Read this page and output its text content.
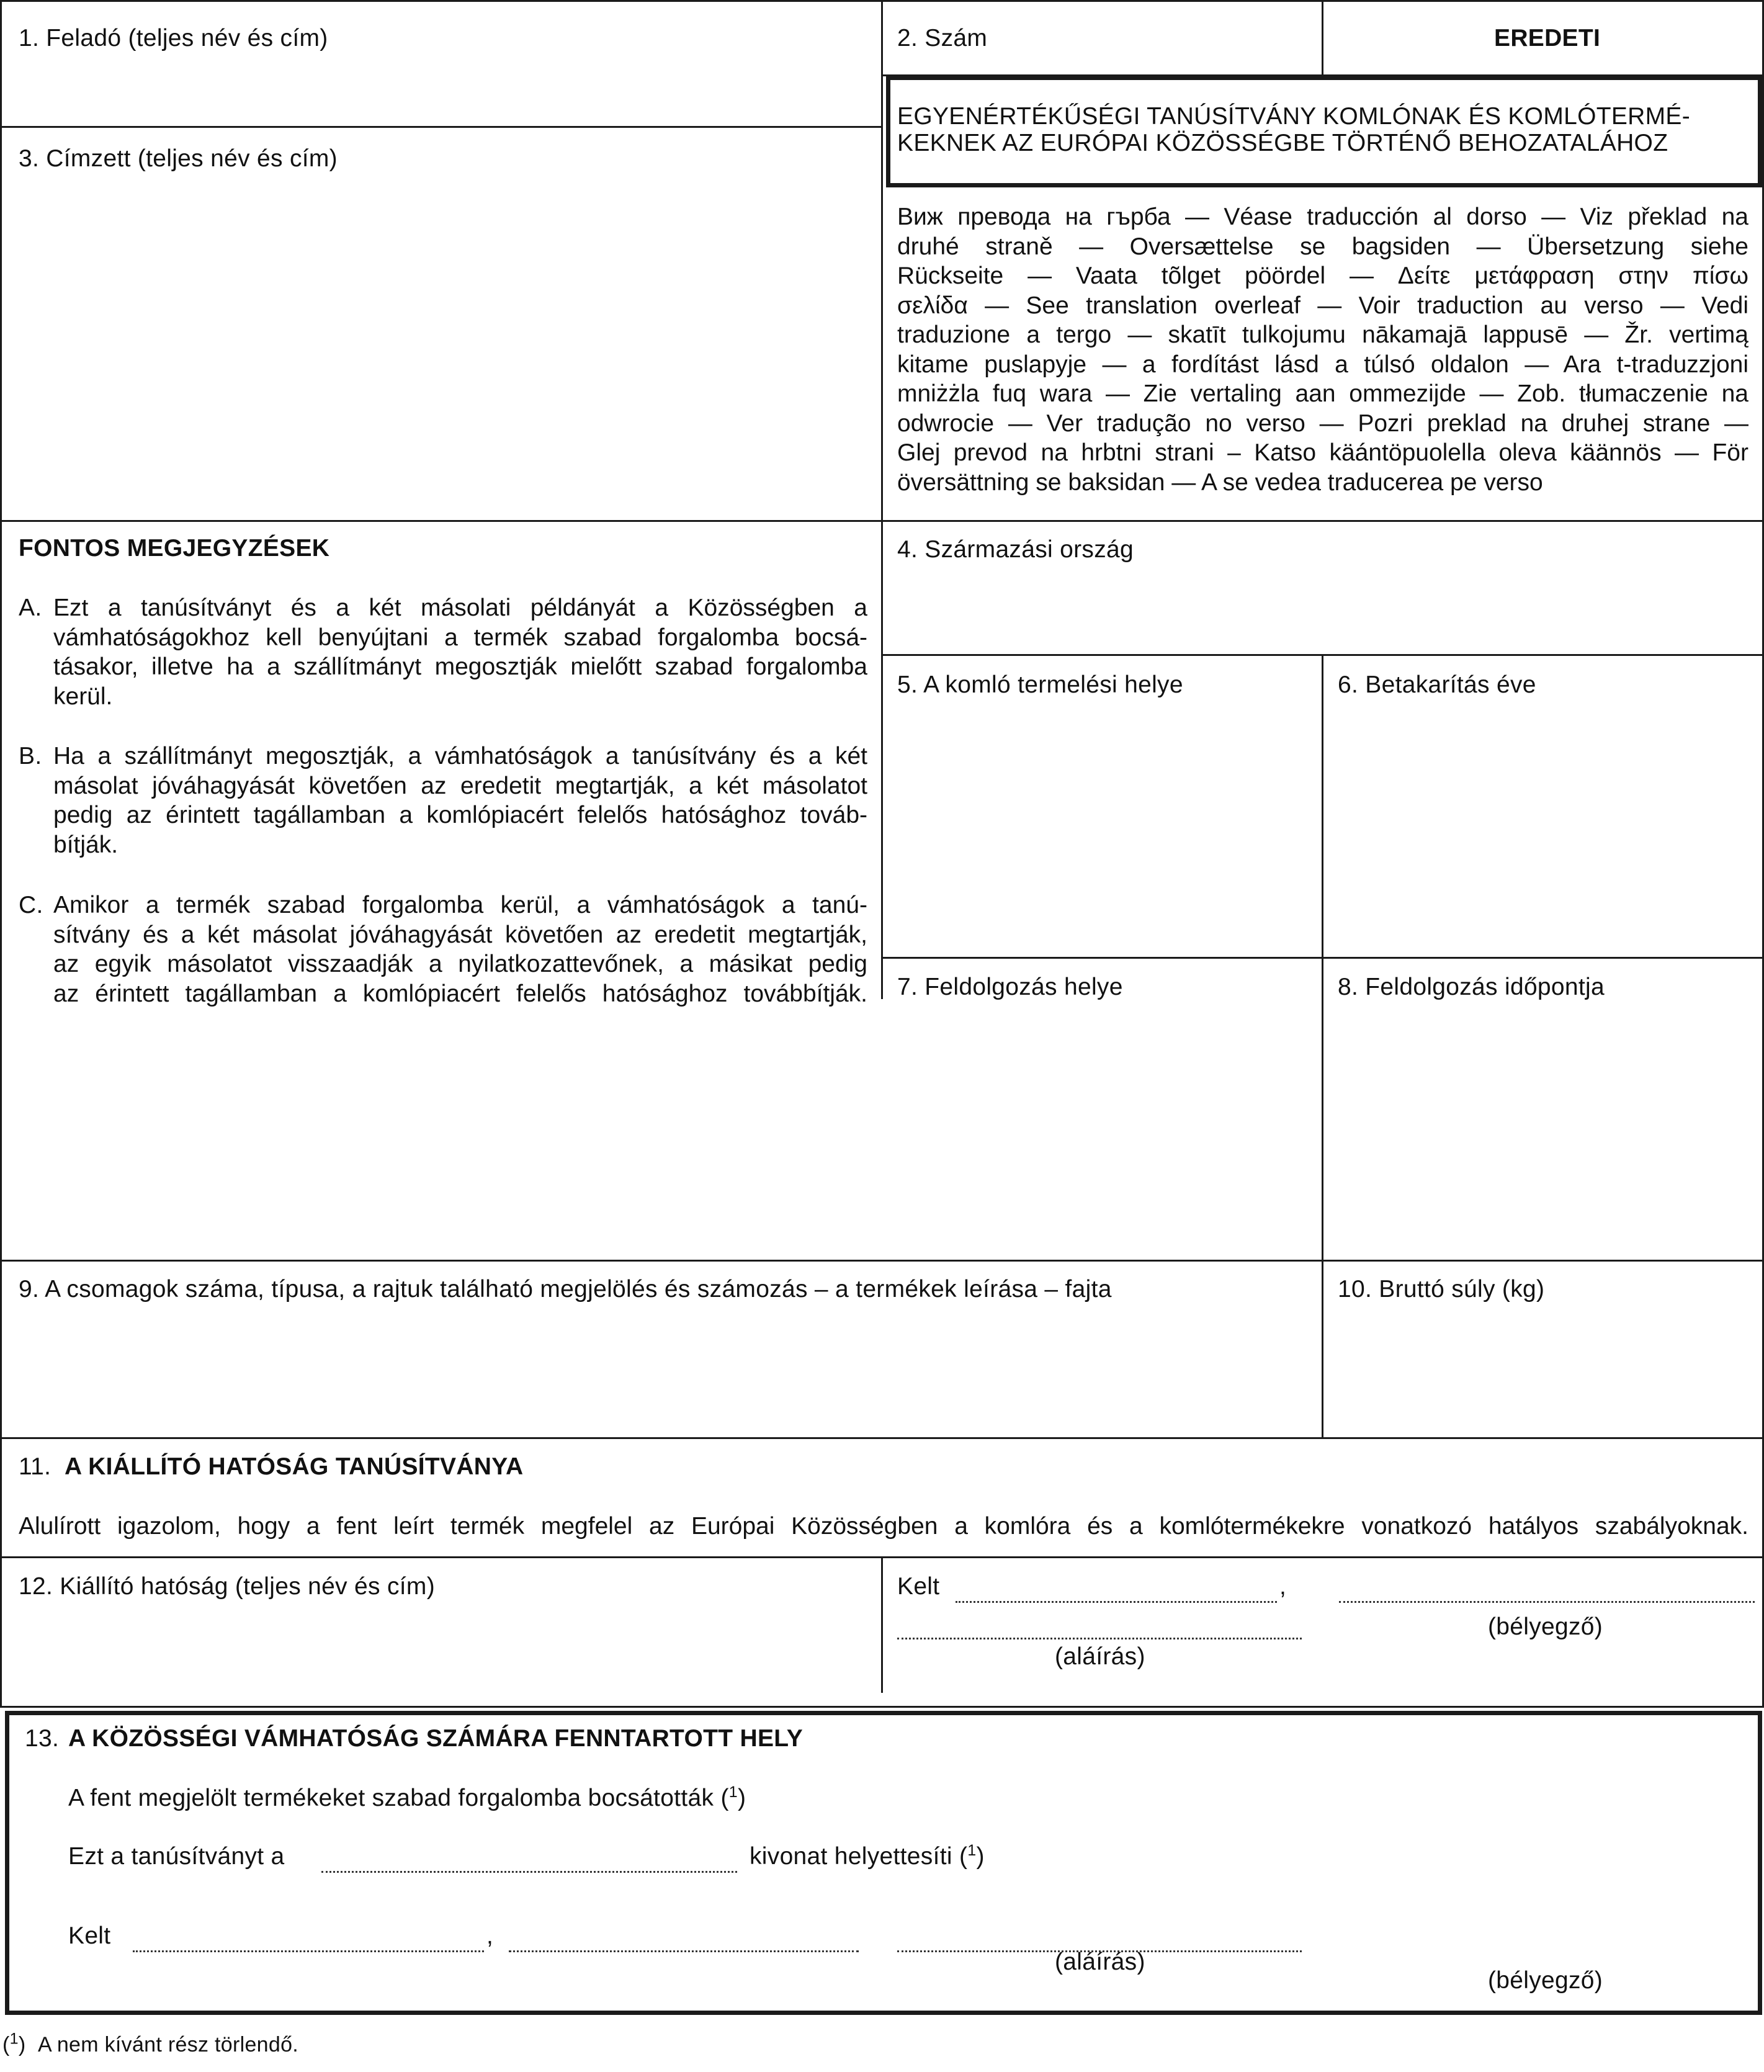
1. Feladó (teljes név és cím)	2. Szám	EREDETI
3. Címzett (teljes név és cím)
EGYENÉRTÉKŰSÉGI TANÚSÍTVÁNY KOMLÓNAK ÉS KOMLÓTERMÉ-
KEKNEK AZ EURÓPAI KÖZÖSSÉGBE TÖRTÉNŐ BEHOZATALÁHOZ
Виж превода на гърба — Véase traducción al dorso — Viz překlad na
druhé straně — Oversættelse se bagsiden — Übersetzung siehe
Rückseite — Vaata tõlget pöördel — Δείτε μετάφραση στην πίσω
σελίδα — See translation overleaf — Voir traduction au verso — Vedi
traduzione a tergo — skatīt tulkojumu nākamajā lappusē — Žr. vertimą
kitame puslapyje — a fordítást lásd a túlsó oldalon — Ara t-traduzzjoni
mniżżla fuq wara — Zie vertaling aan ommezijde — Zob. tłumaczenie na
odwrocie — Ver tradução no verso — Pozri preklad na druhej strane —
Glej prevod na hrbtni strani – Katso käántöpuolella oleva käännös — För
översättning se baksidan — A se vedea traducerea pe verso
FONTOS MEGJEGYZÉSEK
A. Ezt a tanúsítványt és a két másolati példányát a Közösségben a
vámhatóságokhoz kell benyújtani a termék szabad forgalomba bocsá-
tásakor, illetve ha a szállítmányt megosztják mielőtt szabad forgalomba
kerül.
B. Ha a szállítmányt megosztják, a vámhatóságok a tanúsítvány és a két
másolat jóváhagyását követően az eredetit megtartják, a két másolatot
pedig az érintett tagállamban a komlópiacért felelős hatósághoz továb-
bítják.
C. Amikor a termék szabad forgalomba kerül, a vámhatóságok a tanú-
sítvány és a két másolat jóváhagyását követően az eredetit megtartják,
az egyik másolatot visszaadják a nyilatkozattevőnek, a másikat pedig
az érintett tagállamban a komlópiacért felelős hatósághoz továbbítják.
4. Származási ország
5. A komló termelési helye	6. Betakarítás éve
7. Feldolgozás helye	8. Feldolgozás időpontja
9. A csomagok száma, típusa, a rajtuk található megjelölés és számozás – a termékek leírása – fajta	10. Bruttó súly (kg)
11. A KIÁLLÍTÓ HATÓSÁG TANÚSÍTVÁNYA
Alulírott igazolom, hogy a fent leírt termék megfelel az Európai Közösségben a komlóra és a komlótermékekre vonatkozó hatályos szabályoknak.
12. Kiállító hatóság (teljes név és cím)	Kelt	,
(aláírás)
(bélyegző)
13. A KÖZÖSSÉGI VÁMHATÓSÁG SZÁMÁRA FENNTARTOTT HELY
A fent megjelölt termékeket szabad forgalomba bocsátották ($^1$)
Ezt a tanúsítványt a	kivonat helyettesíti ($^1$)
Kelt	,
(aláírás)
(bélyegző)
($^1$)  A nem kívánt rész törlendő.
